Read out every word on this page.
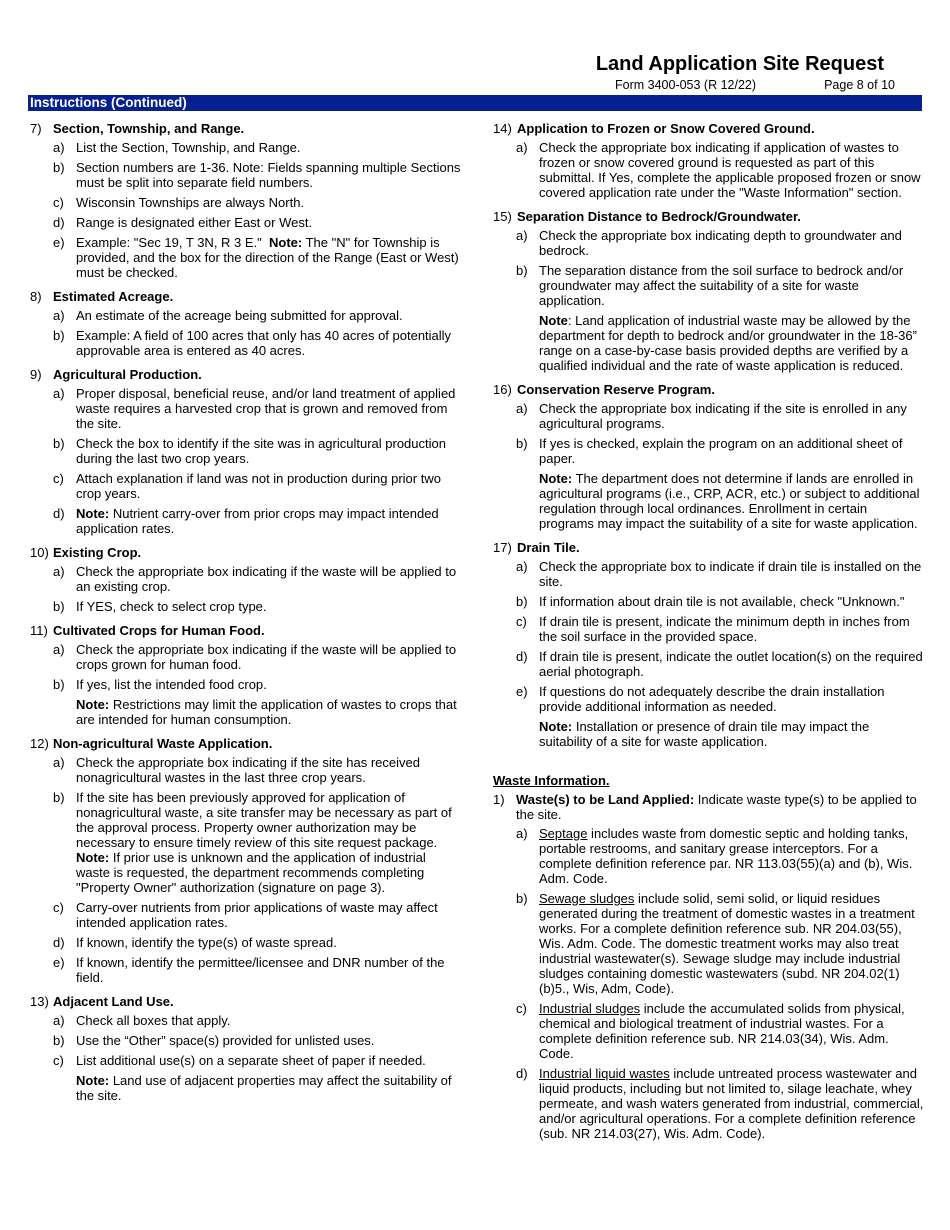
Land Application Site Request
Form 3400-053 (R 12/22)	Page 8 of 10
Instructions (Continued)
7) Section, Township, and Range.
a) List the Section, Township, and Range.
b) Section numbers are 1-36. Note: Fields spanning multiple Sections must be split into separate field numbers.
c) Wisconsin Townships are always North.
d) Range is designated either East or West.
e) Example: "Sec 19, T 3N, R 3 E."  Note: The "N" for Township is provided, and the box for the direction of the Range (East or West) must be checked.
8) Estimated Acreage.
a) An estimate of the acreage being submitted for approval.
b) Example: A field of 100 acres that only has 40 acres of potentially approvable area is entered as 40 acres.
9) Agricultural Production.
a) Proper disposal, beneficial reuse, and/or land treatment of applied waste requires a harvested crop that is grown and removed from the site.
b) Check the box to identify if the site was in agricultural production during the last two crop years.
c) Attach explanation if land was not in production during prior two crop years.
d) Note: Nutrient carry-over from prior crops may impact intended application rates.
10) Existing Crop.
a) Check the appropriate box indicating if the waste will be applied to an existing crop.
b) If YES, check to select crop type.
11) Cultivated Crops for Human Food.
a) Check the appropriate box indicating if the waste will be applied to crops grown for human food.
b) If yes, list the intended food crop.
Note: Restrictions may limit the application of wastes to crops that are intended for human consumption.
12) Non-agricultural Waste Application.
a) Check the appropriate box indicating if the site has received nonagricultural wastes in the last three crop years.
b) If the site has been previously approved for application of nonagricultural waste, a site transfer may be necessary as part of the approval process. Property owner authorization may be necessary to ensure timely review of this site request package. Note: If prior use is unknown and the application of industrial waste is requested, the department recommends completing "Property Owner" authorization (signature on page 3).
c) Carry-over nutrients from prior applications of waste may affect intended application rates.
d) If known, identify the type(s) of waste spread.
e) If known, identify the permittee/licensee and DNR number of the field.
13) Adjacent Land Use.
a) Check all boxes that apply.
b) Use the “Other” space(s) provided for unlisted uses.
c) List additional use(s) on a separate sheet of paper if needed.
Note: Land use of adjacent properties may affect the suitability of the site.
14) Application to Frozen or Snow Covered Ground.
a) Check the appropriate box indicating if application of wastes to frozen or snow covered ground is requested as part of this submittal. If Yes, complete the applicable proposed frozen or snow covered application rate under the "Waste Information" section.
15) Separation Distance to Bedrock/Groundwater.
a) Check the appropriate box indicating depth to groundwater and bedrock.
b) The separation distance from the soil surface to bedrock and/or groundwater may affect the suitability of a site for waste application.
Note: Land application of industrial waste may be allowed by the department for depth to bedrock and/or groundwater in the 18-36” range on a case-by-case basis provided depths are verified by a qualified individual and the rate of waste application is reduced.
16) Conservation Reserve Program.
a) Check the appropriate box indicating if the site is enrolled in any agricultural programs.
b) If yes is checked, explain the program on an additional sheet of paper.
Note: The department does not determine if lands are enrolled in agricultural programs (i.e., CRP, ACR, etc.) or subject to additional regulation through local ordinances. Enrollment in certain programs may impact the suitability of a site for waste application.
17) Drain Tile.
a) Check the appropriate box to indicate if drain tile is installed on the site.
b) If information about drain tile is not available, check "Unknown."
c) If drain tile is present, indicate the minimum depth in inches from the soil surface in the provided space.
d) If drain tile is present, indicate the outlet location(s) on the required aerial photograph.
e) If questions do not adequately describe the drain installation provide additional information as needed.
Note: Installation or presence of drain tile may impact the suitability of a site for waste application.
Waste Information.
1) Waste(s) to be Land Applied: Indicate waste type(s) to be applied to the site.
a) Septage includes waste from domestic septic and holding tanks, portable restrooms, and sanitary grease interceptors. For a complete definition reference par. NR 113.03(55)(a) and (b), Wis. Adm. Code.
b) Sewage sludges include solid, semi solid, or liquid residues generated during the treatment of domestic wastes in a treatment works. For a complete definition reference sub. NR 204.03(55), Wis. Adm. Code. The domestic treatment works may also treat industrial wastewater(s). Sewage sludge may include industrial sludges containing domestic wastewaters (subd. NR 204.02(1)(b)5., Wis, Adm, Code).
c) Industrial sludges include the accumulated solids from physical, chemical and biological treatment of industrial wastes. For a complete definition reference sub. NR 214.03(34), Wis. Adm. Code.
d) Industrial liquid wastes include untreated process wastewater and liquid products, including but not limited to, silage leachate, whey permeate, and wash waters generated from industrial, commercial, and/or agricultural operations. For a complete definition reference (sub. NR 214.03(27), Wis. Adm. Code).
